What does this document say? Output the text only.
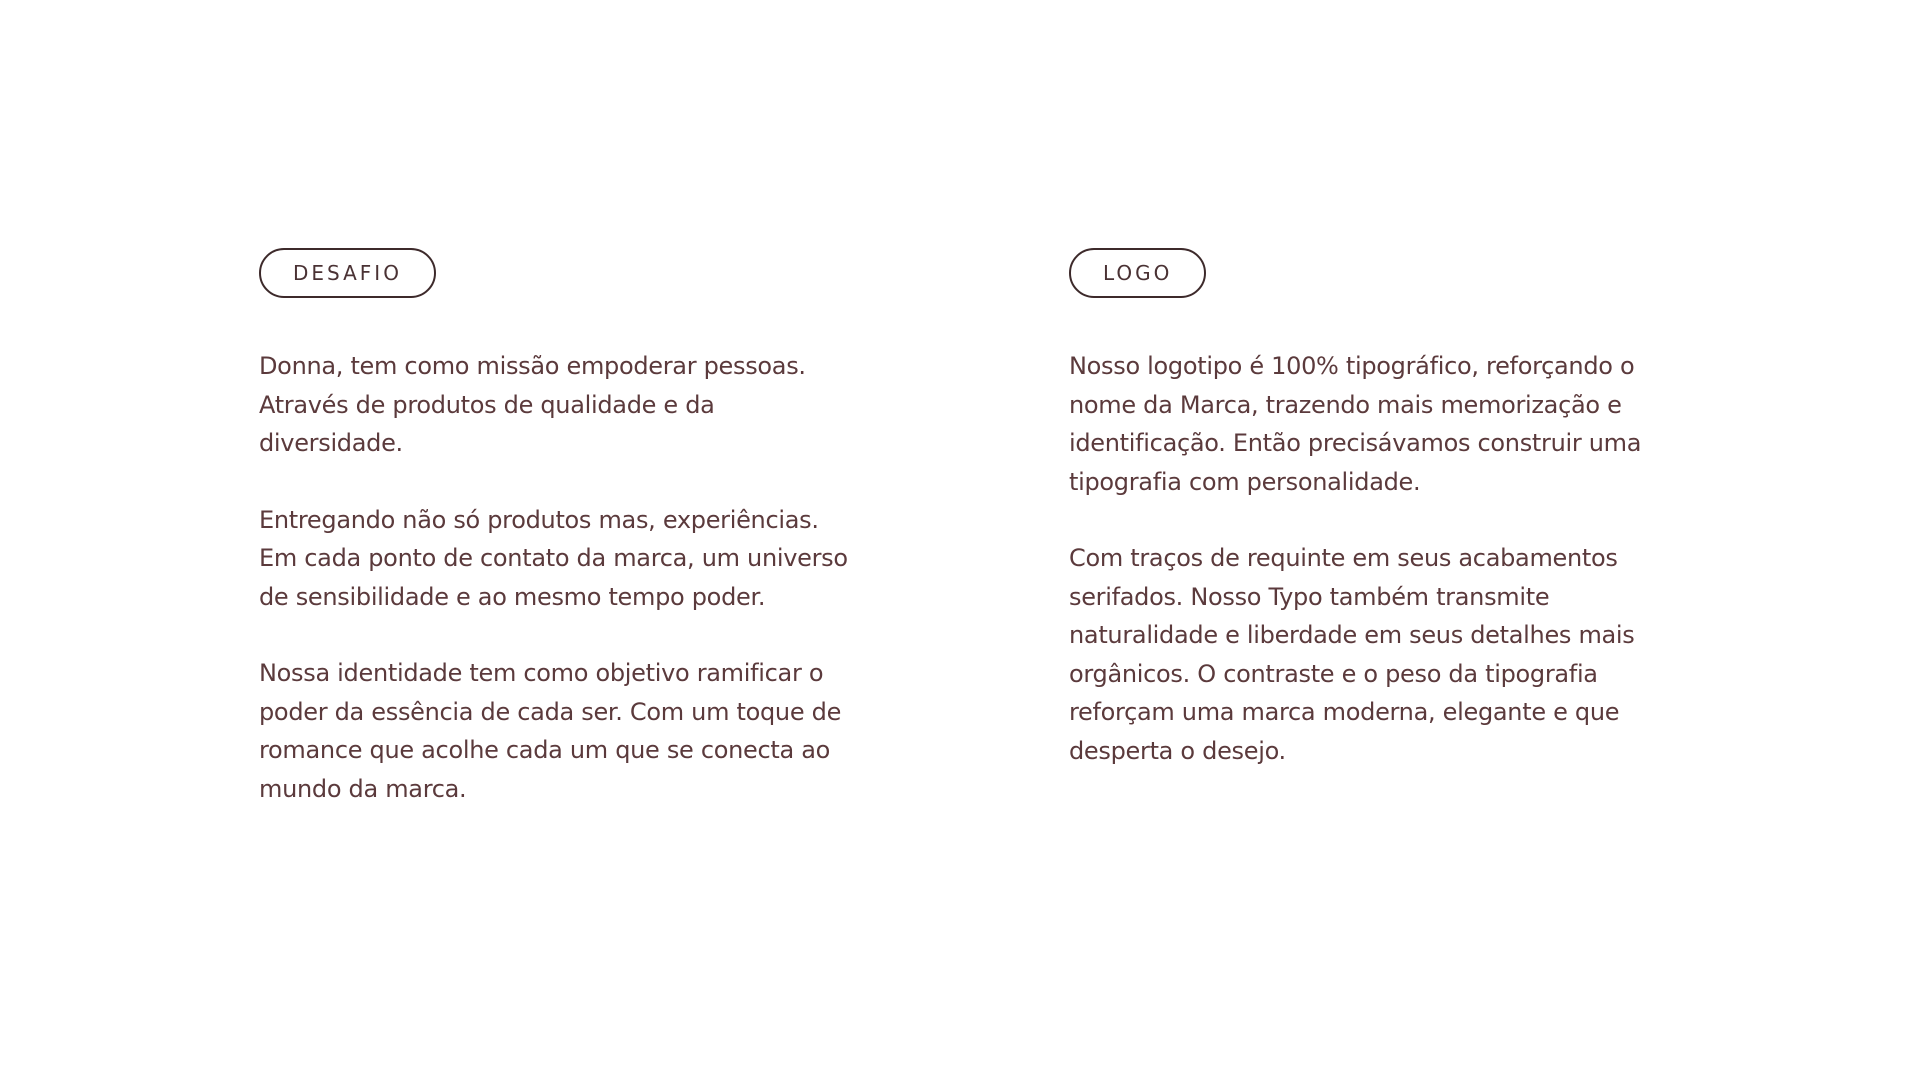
DESAFIO

Donna, tem como missão empoderar pessoas. Através de produtos de qualidade e da diversidade.

Entregando não só produtos mas, experiências. Em cada ponto de contato da marca, um universo de sensibilidade e ao mesmo tempo poder.

Nossa identidade tem como objetivo ramificar o poder da essência de cada ser. Com um toque de romance que acolhe cada um que se conecta ao mundo da marca.

LOGO

Nosso logotipo é 100% tipográfico, reforçando o nome da Marca, trazendo mais memorização e identificação. Então precisávamos construir uma tipografia com personalidade.

Com traços de requinte em seus acabamentos serifados. Nosso Typo também transmite naturalidade e liberdade em seus detalhes mais orgânicos. O contraste e o peso da tipografia reforçam uma marca moderna, elegante e que desperta o desejo.
